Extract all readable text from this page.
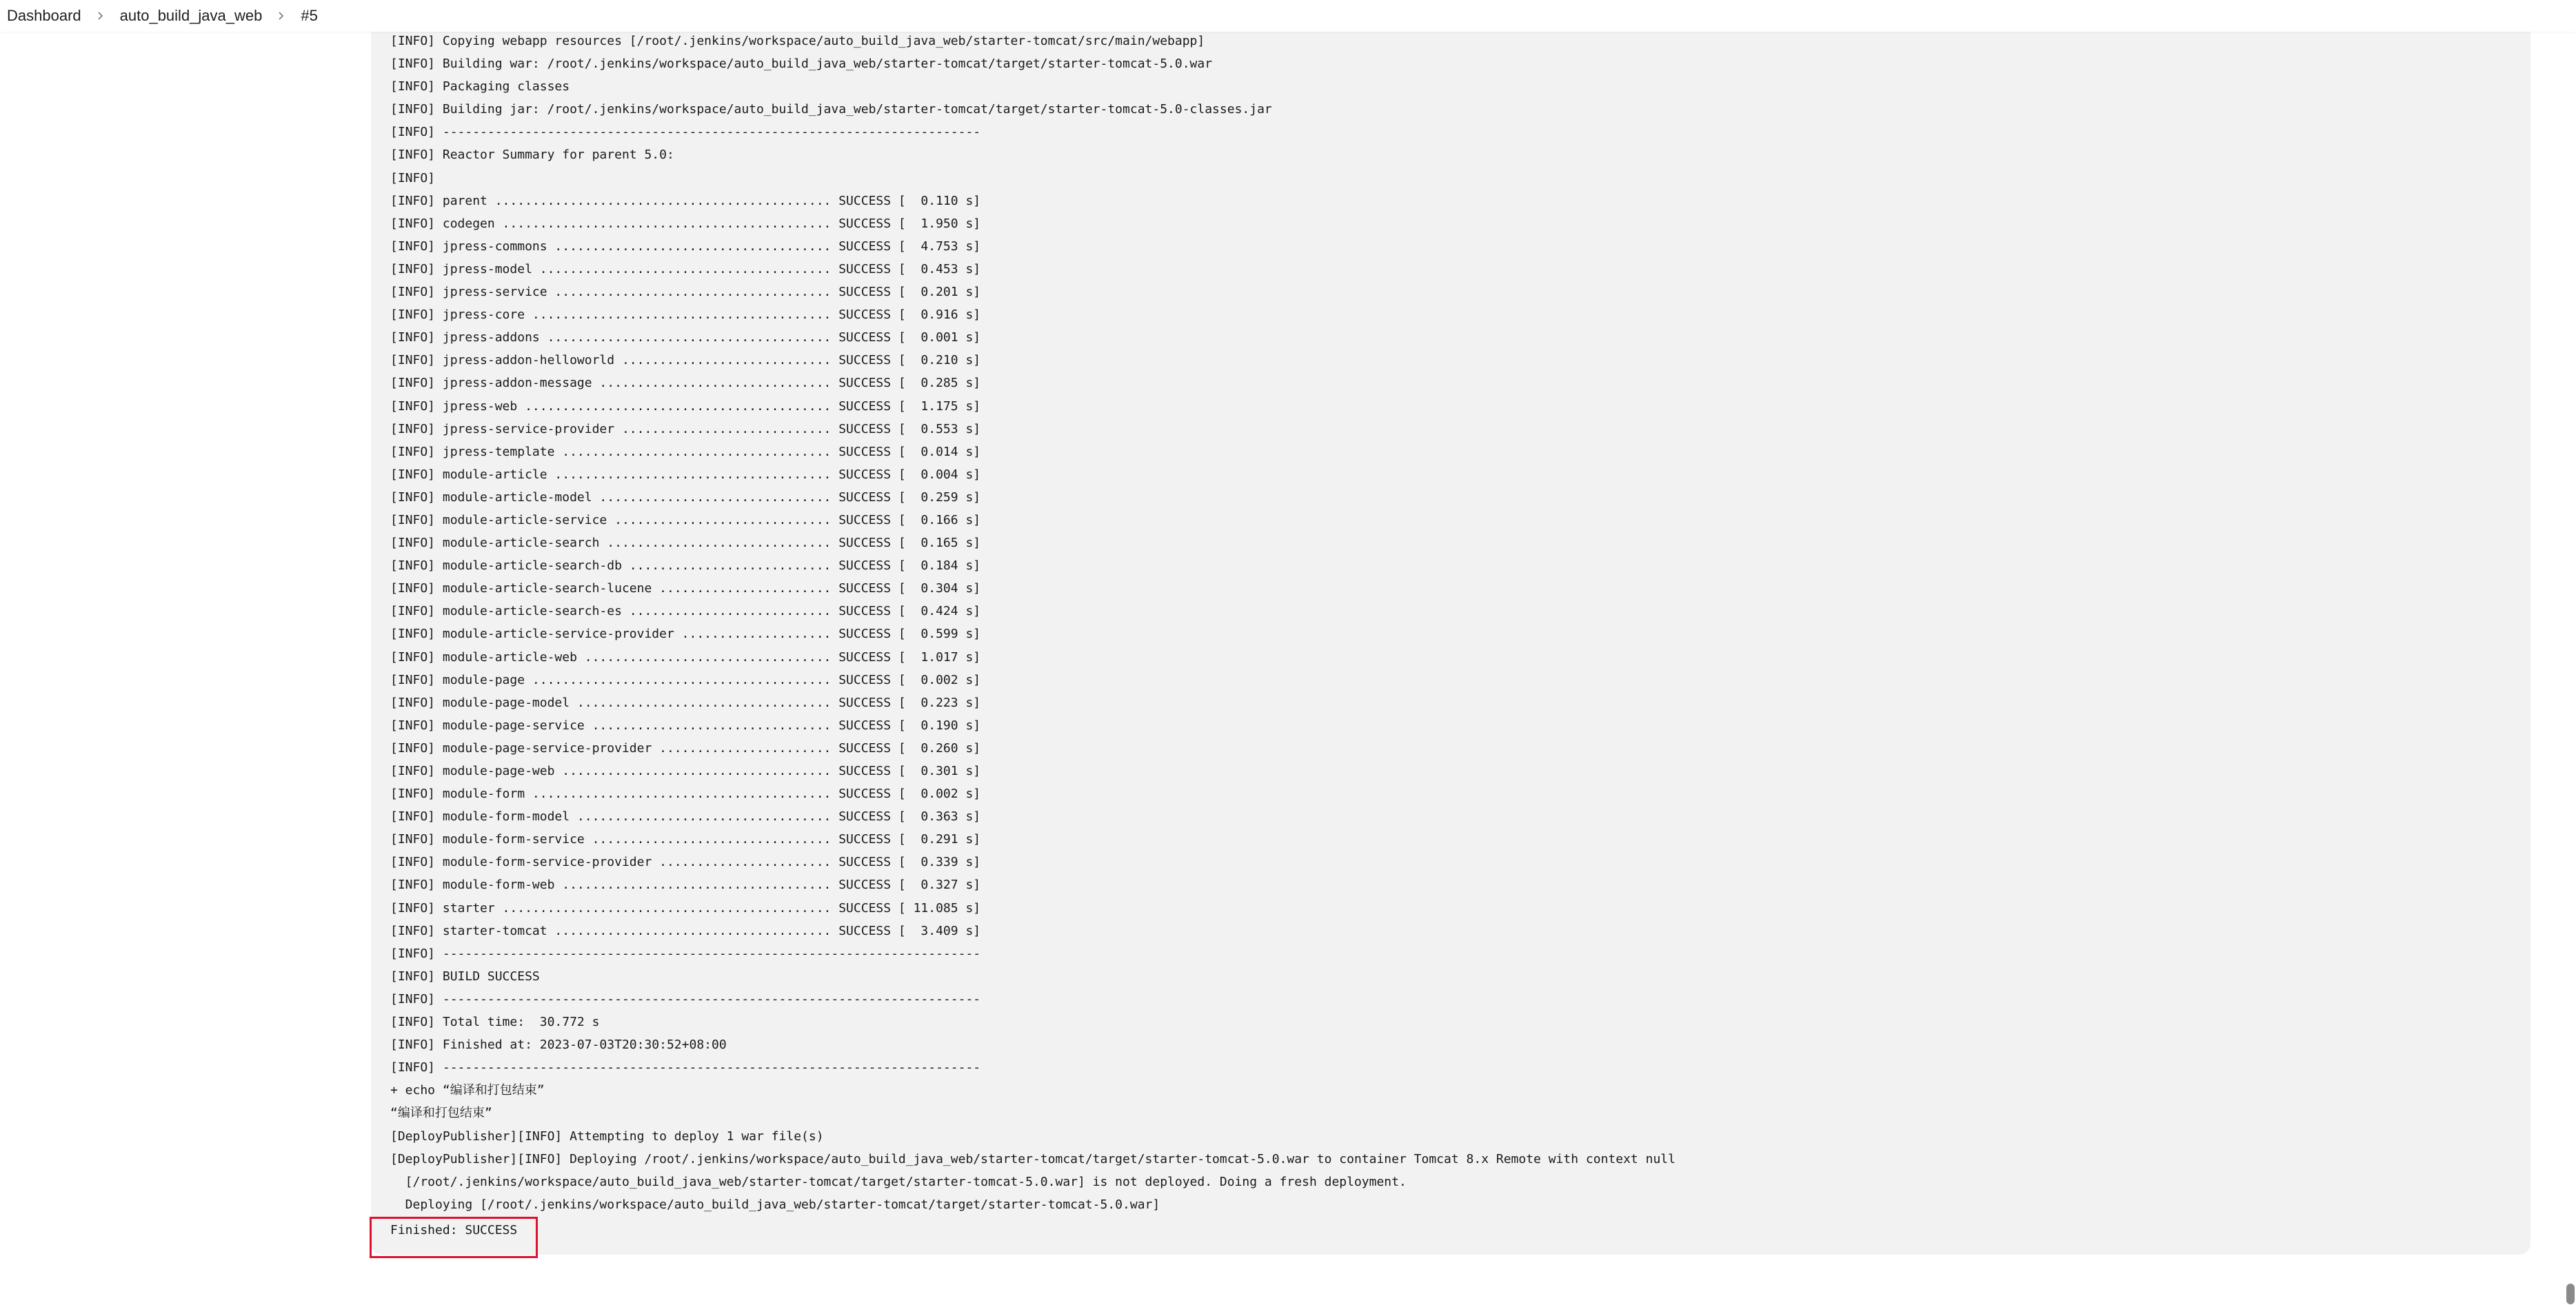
Dashboard	auto_build_java_web	#5
[INFO] Copying webapp resources [/root/.jenkins/workspace/auto_build_java_web/starter-tomcat/src/main/webapp]
[INFO] Building war: /root/.jenkins/workspace/auto_build_java_web/starter-tomcat/target/starter-tomcat-5.0.war
[INFO] Packaging classes
[INFO] Building jar: /root/.jenkins/workspace/auto_build_java_web/starter-tomcat/target/starter-tomcat-5.0-classes.jar
[INFO] ------------------------------------------------------------------------
[INFO] Reactor Summary for parent 5.0:
[INFO]
[INFO] parent ............................................. SUCCESS [  0.110 s]
[INFO] codegen ............................................ SUCCESS [  1.950 s]
[INFO] jpress-commons ..................................... SUCCESS [  4.753 s]
[INFO] jpress-model ....................................... SUCCESS [  0.453 s]
[INFO] jpress-service ..................................... SUCCESS [  0.201 s]
[INFO] jpress-core ........................................ SUCCESS [  0.916 s]
[INFO] jpress-addons ...................................... SUCCESS [  0.001 s]
[INFO] jpress-addon-helloworld ............................ SUCCESS [  0.210 s]
[INFO] jpress-addon-message ............................... SUCCESS [  0.285 s]
[INFO] jpress-web ......................................... SUCCESS [  1.175 s]
[INFO] jpress-service-provider ............................ SUCCESS [  0.553 s]
[INFO] jpress-template .................................... SUCCESS [  0.014 s]
[INFO] module-article ..................................... SUCCESS [  0.004 s]
[INFO] module-article-model ............................... SUCCESS [  0.259 s]
[INFO] module-article-service ............................. SUCCESS [  0.166 s]
[INFO] module-article-search .............................. SUCCESS [  0.165 s]
[INFO] module-article-search-db ........................... SUCCESS [  0.184 s]
[INFO] module-article-search-lucene ....................... SUCCESS [  0.304 s]
[INFO] module-article-search-es ........................... SUCCESS [  0.424 s]
[INFO] module-article-service-provider .................... SUCCESS [  0.599 s]
[INFO] module-article-web ................................. SUCCESS [  1.017 s]
[INFO] module-page ........................................ SUCCESS [  0.002 s]
[INFO] module-page-model .................................. SUCCESS [  0.223 s]
[INFO] module-page-service ................................ SUCCESS [  0.190 s]
[INFO] module-page-service-provider ....................... SUCCESS [  0.260 s]
[INFO] module-page-web .................................... SUCCESS [  0.301 s]
[INFO] module-form ........................................ SUCCESS [  0.002 s]
[INFO] module-form-model .................................. SUCCESS [  0.363 s]
[INFO] module-form-service ................................ SUCCESS [  0.291 s]
[INFO] module-form-service-provider ....................... SUCCESS [  0.339 s]
[INFO] module-form-web .................................... SUCCESS [  0.327 s]
[INFO] starter ............................................ SUCCESS [ 11.085 s]
[INFO] starter-tomcat ..................................... SUCCESS [  3.409 s]
[INFO] ------------------------------------------------------------------------
[INFO] BUILD SUCCESS
[INFO] ------------------------------------------------------------------------
[INFO] Total time:  30.772 s
[INFO] Finished at: 2023-07-03T20:30:52+08:00
[INFO] ------------------------------------------------------------------------
+ echo “编译和打包结束”
“编译和打包结束”
[DeployPublisher][INFO] Attempting to deploy 1 war file(s)
[DeployPublisher][INFO] Deploying /root/.jenkins/workspace/auto_build_java_web/starter-tomcat/target/starter-tomcat-5.0.war to container Tomcat 8.x Remote with context null
[/root/.jenkins/workspace/auto_build_java_web/starter-tomcat/target/starter-tomcat-5.0.war] is not deployed. Doing a fresh deployment.
Deploying [/root/.jenkins/workspace/auto_build_java_web/starter-tomcat/target/starter-tomcat-5.0.war]
Finished: SUCCESS
